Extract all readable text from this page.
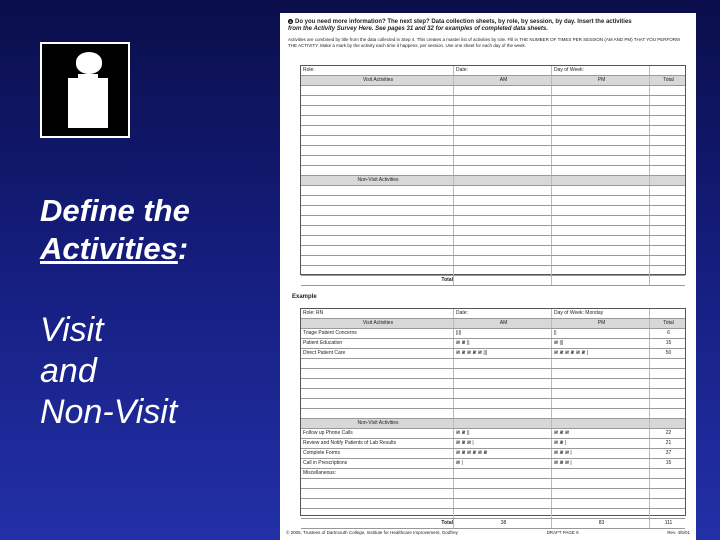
Define the
Activities:
Visit
and
Non-Visit
8 Do you need more information? The next step? Data collection sheets, by role, by session, by day. Insert the activities
from the Activity Survey Here. See pages 31 and 32 for examples of completed data sheets.
Activities are combined by title from the data collected in Step 4. This creates a master list of activities by role. Fill in THE NUMBER OF TIMES PER SESSION (AM AND PM) THAT YOU PERFORM THE ACTIVITY. Make a mark by the activity each time it happens, per session. Use one sheet for each day of the week.
Role:	Date:	Day of Week:
Visit Activities	AM	PM	Total
Non-Visit Activities
Total
Example
Role: RN	Date:	Day of Week: Monday
Visit Activities	AM	PM	Total
Triage Patient Concerns	||||	||	6
Patient Education	𝍸 𝍸 ||	𝍸 |||	15
Direct Patient Care	𝍸 𝍸 𝍸 𝍸 𝍸 |||	𝍸 𝍸 𝍸 𝍸 𝍸 𝍸 |	50
Non-Visit Activities
Follow up Phone Calls	𝍸 𝍸 ||	𝍸 𝍸 𝍸	22
Review and Notify Patients of Lab Results	𝍸 𝍸 𝍸 |	𝍸 𝍸 |	21
Complete Forms	𝍸 𝍸 𝍸 𝍸 𝍸 𝍸	𝍸 𝍸 𝍸 |	37
Call in Prescriptions	𝍸 |	𝍸 𝍸 𝍸 |	15
Miscellaneous:
Total	38	83	111
© 2005, Trustees of Dartmouth College, Institute for Healthcare Improvement, Godfrey	DRAFT PAGE 9	Rev. 4/5/01
